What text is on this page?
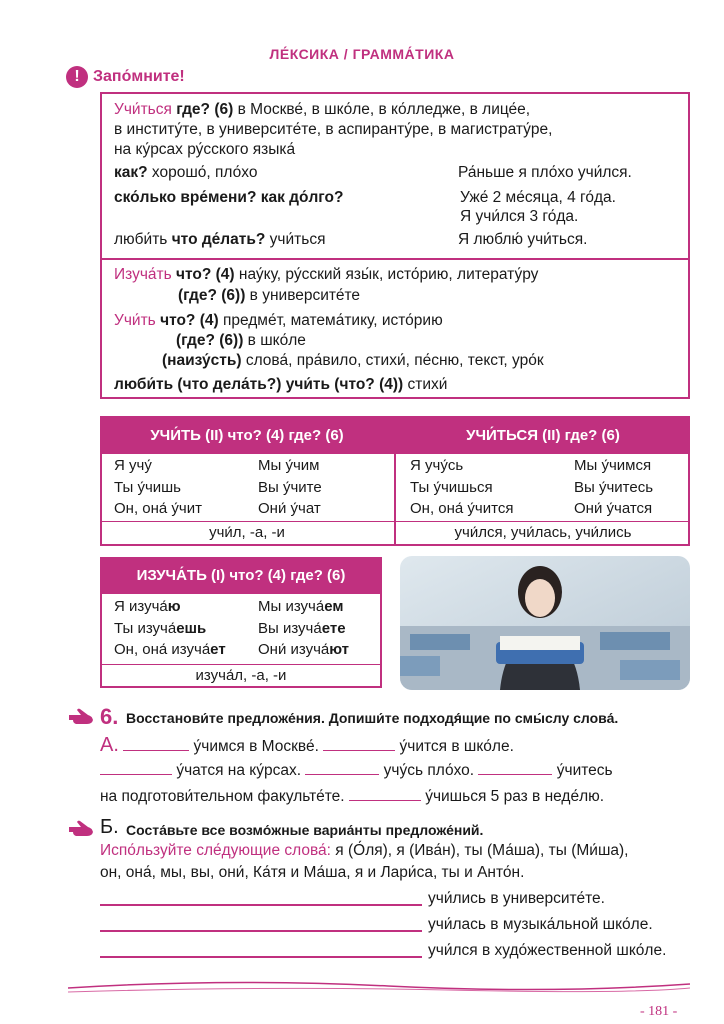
ЛЕ́КСИКА / ГРАММА́ТИКА
! Запо́мните!
Учи́ться где? (6) в Москве́, в шко́ле, в ко́лледже, в лице́е,
в институ́те, в университе́те, в аспиранту́ре, в магистрату́ре,
на ку́рсах ру́сского языка́
как? хорошо́, пло́хо	Ра́ньше я пло́хо учи́лся.
ско́лько вре́мени? как до́лго?	Уже́ 2 ме́сяца, 4 го́да.
Я учи́лся 3 го́да.
люби́ть что де́лать? учи́ться	Я люблю́ учи́ться.
Изуча́ть что? (4) нау́ку, ру́сский язы́к, исто́рию, литерату́ру
(где? (6)) в университе́те
Учи́ть что? (4) предме́т, матема́тику, исто́рию
(где? (6)) в шко́ле
(наизу́сть) слова́, пра́вило, стихи́, пе́сню, текст, уро́к
люби́ть (что дела́ть?) учи́ть (что? (4)) стихи́
УЧИ́ТЬ (II) что? (4) где? (6)	УЧИ́ТЬСЯ (II) где? (6)
Я учу́	Мы у́чим
Ты у́чишь	Вы у́чите
Он, она́ у́чит	Они́ у́чат
учи́л, -а, -и
Я учу́сь	Мы у́чимся
Ты у́чишься	Вы у́читесь
Он, она́ у́чится	Они́ у́чатся
учи́лся, учи́лась, учи́лись
ИЗУЧА́ТЬ (I) что? (4) где? (6)
Я изуча́ю	Мы изуча́ем
Ты изуча́ешь	Вы изуча́ете
Он, она́ изуча́ет Они́ изуча́ют
изуча́л, -а, -и
6. Восстанови́те предложе́ния. Допиши́те подходя́щие по смы́слу слова́.
А.	у́чимся в Москве́.	у́чится в шко́ле.
у́чатся на ку́рсах.	учу́сь пло́хо.	у́читесь
на подготови́тельном факульте́те.	у́чишься 5 раз в неде́лю.
Б. Соста́вьте все возмо́жные вариа́нты предложе́ний.
Испо́льзуйте сле́дующие слова́: я (О́ля), я (Ива́н), ты (Ма́ша), ты (Ми́ша),
он, она́, мы, вы, они́, Ка́тя и Ма́ша, я и Лари́са, ты и Анто́н.
учи́лись в университе́те.
учи́лась в музыка́льной шко́ле.
учи́лся в худо́жественной шко́ле.
- 181 -
